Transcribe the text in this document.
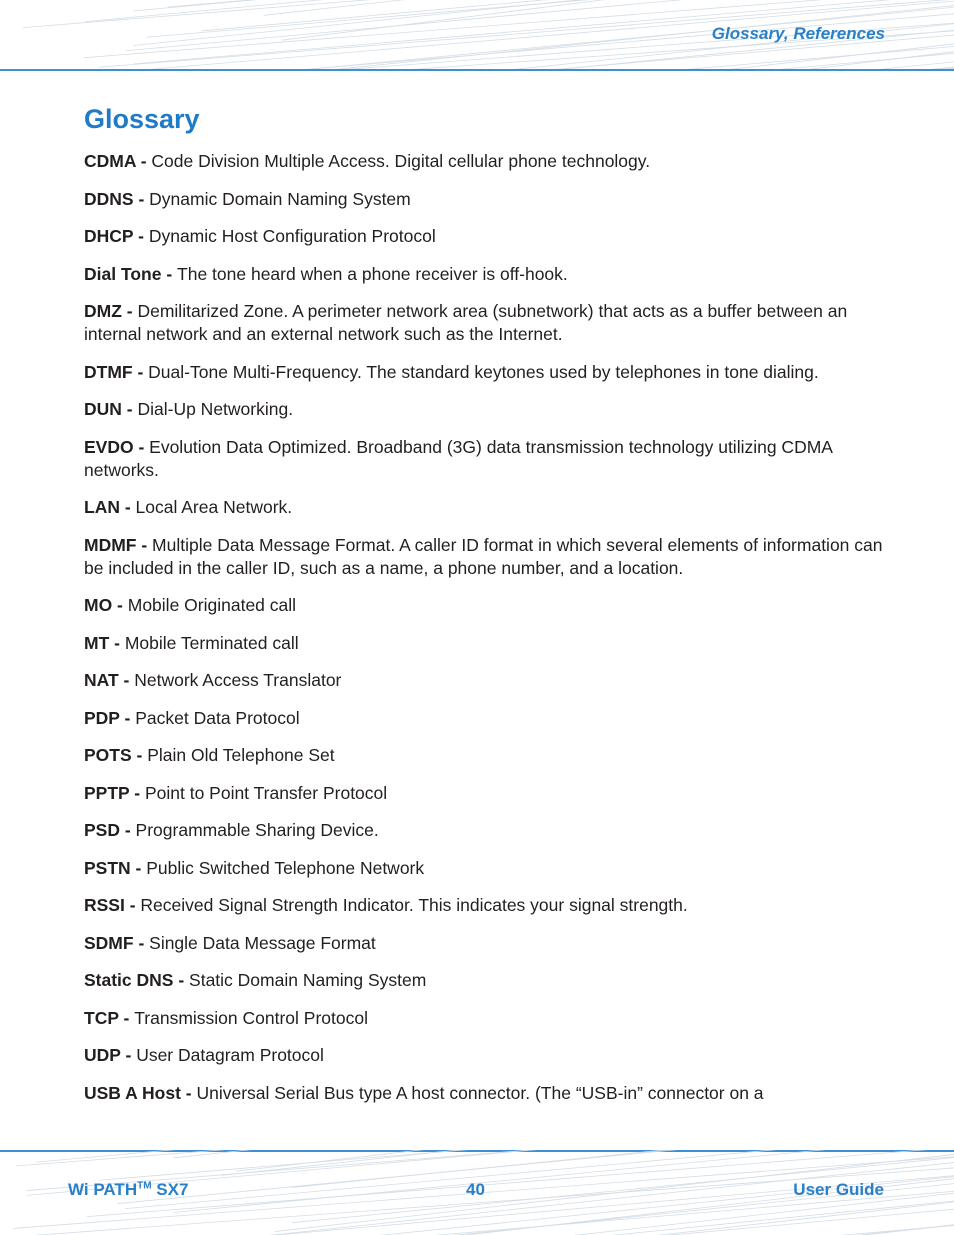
Glossary, References
Glossary

CDMA - Code Division Multiple Access. Digital cellular phone technology.

DDNS - Dynamic Domain Naming System

DHCP - Dynamic Host Configuration Protocol

Dial Tone - The tone heard when a phone receiver is off-hook.

DMZ - Demilitarized Zone. A perimeter network area (subnetwork) that acts as a buffer between an internal network and an external network such as the Internet.

DTMF - Dual-Tone Multi-Frequency. The standard keytones used by telephones in tone dialing.

DUN - Dial-Up Networking.

EVDO - Evolution Data Optimized. Broadband (3G) data transmission technology utilizing CDMA networks.

LAN - Local Area Network.

MDMF - Multiple Data Message Format. A caller ID format in which several elements of information can be included in the caller ID, such as a name, a phone number, and a location.

MO - Mobile Originated call

MT - Mobile Terminated call

NAT - Network Access Translator

PDP - Packet Data Protocol

POTS - Plain Old Telephone Set

PPTP - Point to Point Transfer Protocol

PSD - Programmable Sharing Device.

PSTN - Public Switched Telephone Network

RSSI - Received Signal Strength Indicator. This indicates your signal strength.

SDMF - Single Data Message Format

Static DNS - Static Domain Naming System

TCP - Transmission Control Protocol

UDP - User Datagram Protocol

USB A Host - Universal Serial Bus type A host connector. (The “USB-in” connector on a

Wi PATH™ SX7	40	User Guide
